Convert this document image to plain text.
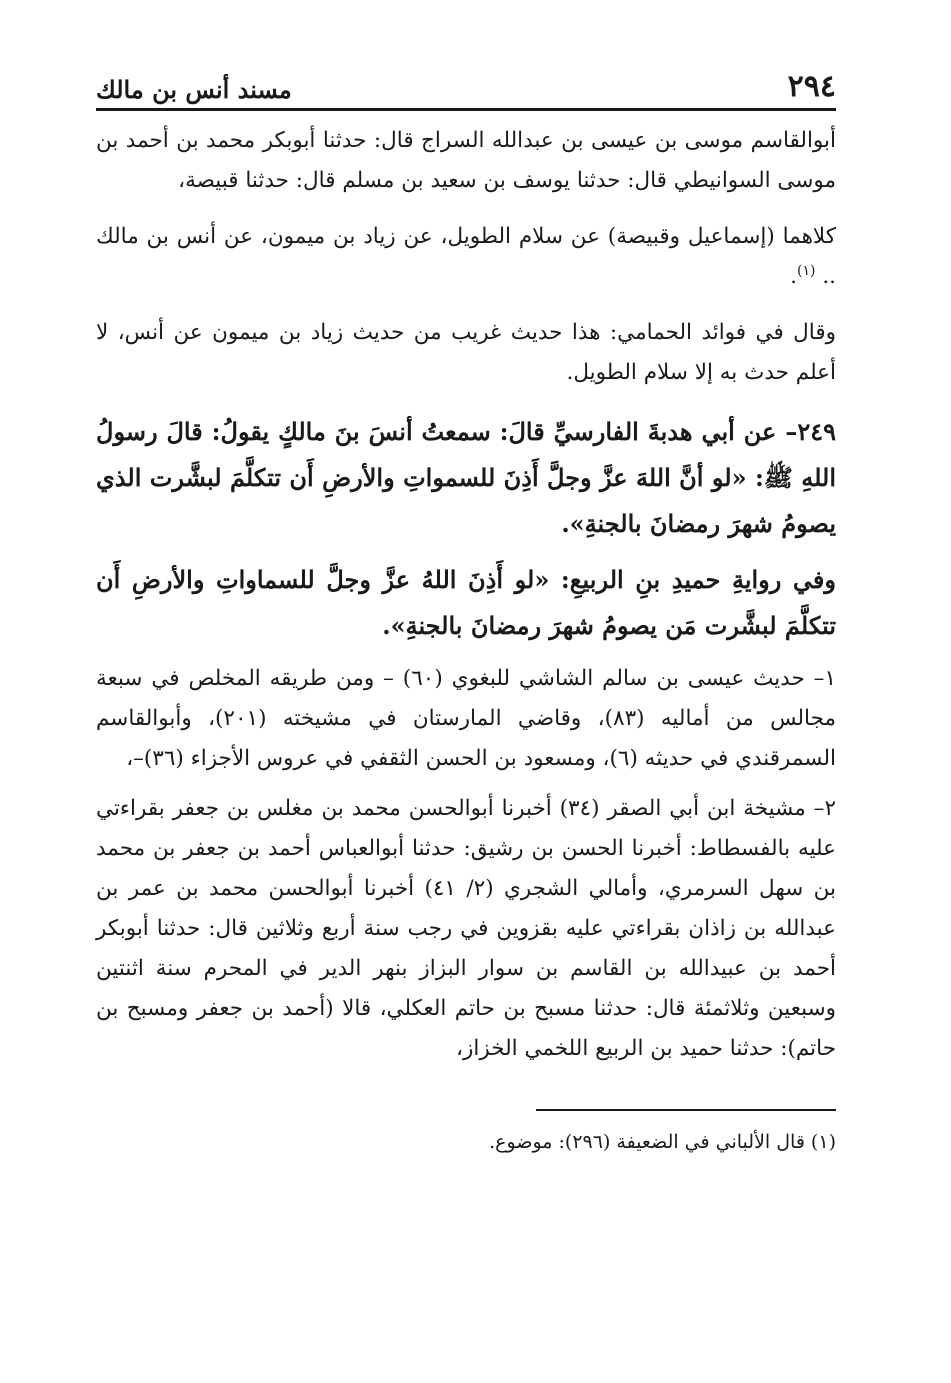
٢٩٤
مسند أنس بن مالك

أبوالقاسم موسى بن عيسى بن عبدالله السراج قال: حدثنا أبوبكر محمد بن أحمد بن موسى السوانيطي قال: حدثنا يوسف بن سعيد بن مسلم قال: حدثنا قبيصة،

كلاهما (إسماعيل وقبيصة) عن سلام الطويل، عن زياد بن ميمون، عن أنس بن مالك .. $^{(١)}$.

وقال في فوائد الحمامي: هذا حديث غريب من حديث زياد بن ميمون عن أنس، لا أعلم حدث به إلا سلام الطويل.

٢٤٩– عن أبي هدبةَ الفارسيِّ قالَ: سمعتُ أنسَ بنَ مالكٍ يقولُ: قالَ رسولُ اللهِ ﷺ: «لو أنَّ اللهَ عزَّ وجلَّ أَذِنَ للسمواتِ والأرضِ أَن تتكلَّمَ لبشَّرت الذي يصومُ شهرَ رمضانَ بالجنةِ».

وفي روايةِ حميدِ بنِ الربيعِ: «لو أَذِنَ اللهُ عزَّ وجلَّ للسماواتِ والأرضِ أَن تتكلَّمَ لبشَّرت مَن يصومُ شهرَ رمضانَ بالجنةِ».

١– حديث عيسى بن سالم الشاشي للبغوي (٦٠) – ومن طريقه المخلص في سبعة مجالس من أماليه (٨٣)، وقاضي المارستان في مشيخته (٢٠١)، وأبوالقاسم السمرقندي في حديثه (٦)، ومسعود بن الحسن الثقفي في عروس الأجزاء (٣٦)–،

٢– مشيخة ابن أبي الصقر (٣٤) أخبرنا أبوالحسن محمد بن مغلس بن جعفر بقراءتي عليه بالفسطاط: أخبرنا الحسن بن رشيق: حدثنا أبوالعباس أحمد بن جعفر بن محمد بن سهل السرمري، وأمالي الشجري (٢/ ٤١) أخبرنا أبوالحسن محمد بن عمر بن عبدالله بن زاذان بقراءتي عليه بقزوين في رجب سنة أربع وثلاثين قال: حدثنا أبوبكر أحمد بن عبيدالله بن القاسم بن سوار البزاز بنهر الدير في المحرم سنة اثنتين وسبعين وثلاثمئة قال: حدثنا مسبح بن حاتم العكلي، قالا (أحمد بن جعفر ومسبح بن حاتم): حدثنا حميد بن الربيع اللخمي الخزاز،

(١) قال الألباني في الضعيفة (٢٩٦): موضوع.
